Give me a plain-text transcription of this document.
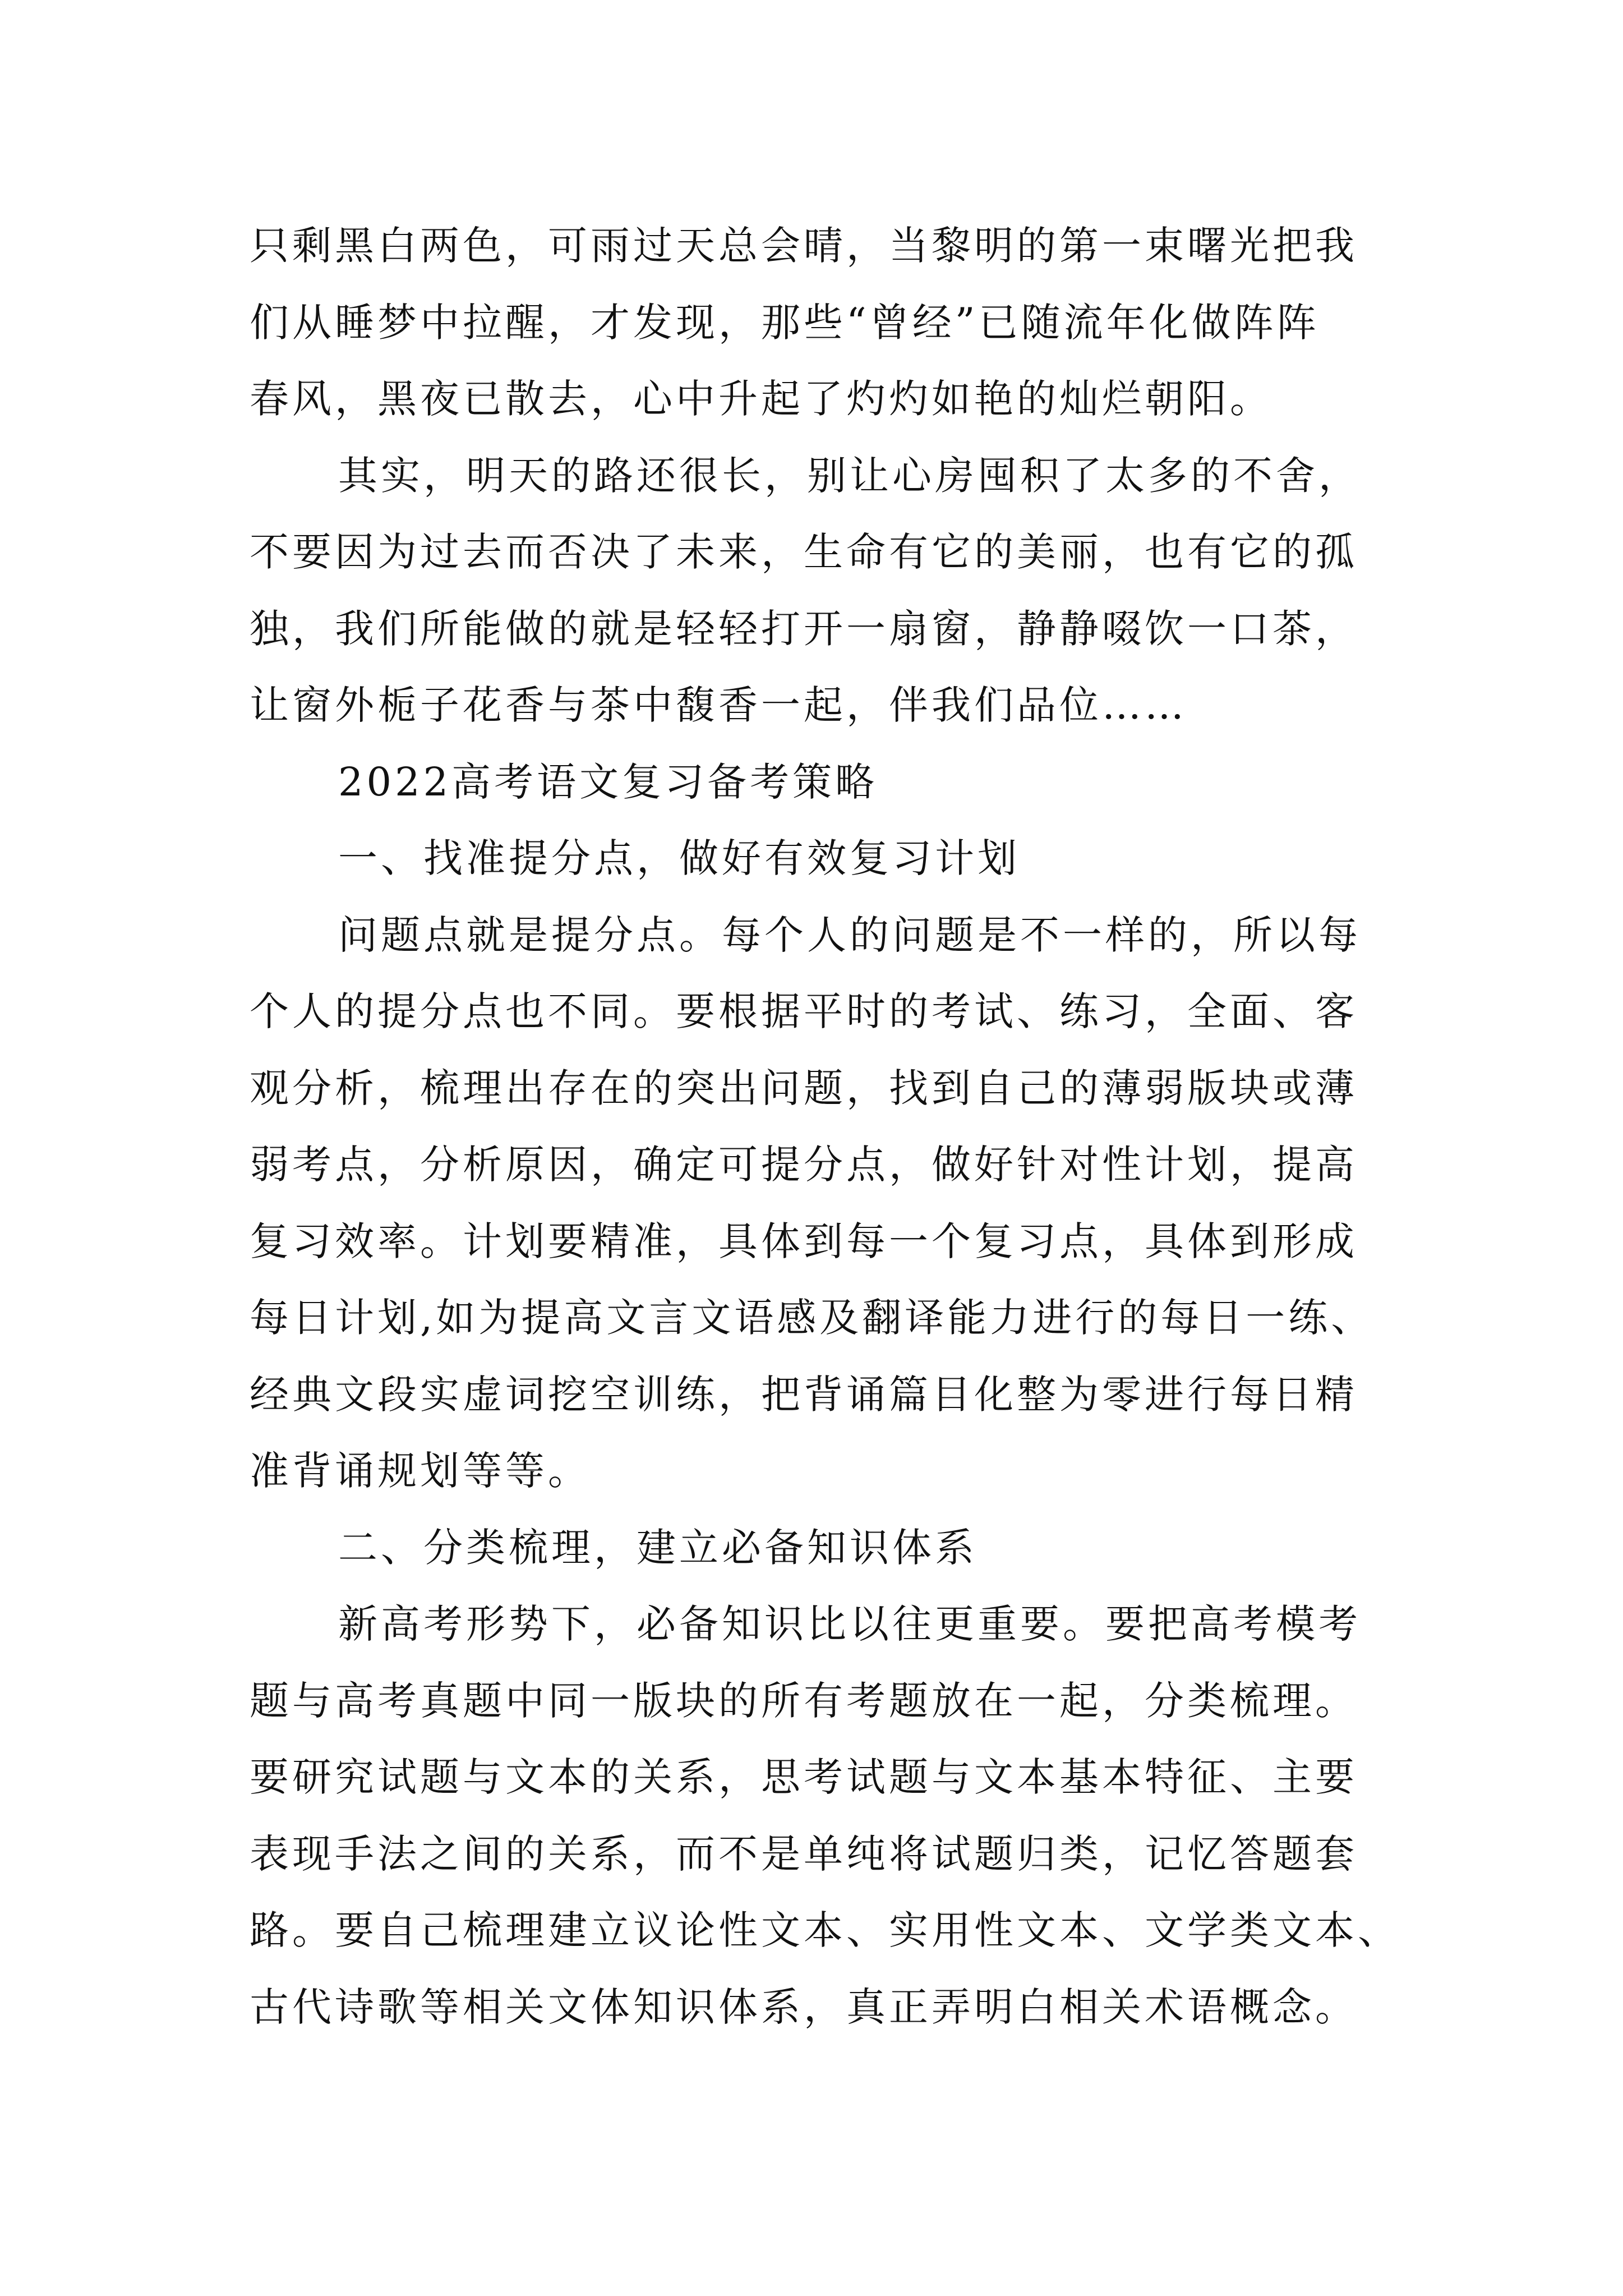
只剩黑白两色，可雨过天总会晴，当黎明的第一束曙光把我
们从睡梦中拉醒，才发现，那些“曾经”已随流年化做阵阵
春风，黑夜已散去，心中升起了灼灼如艳的灿烂朝阳。
其实，明天的路还很长，别让心房囤积了太多的不舍，
不要因为过去而否决了未来，生命有它的美丽，也有它的孤
独，我们所能做的就是轻轻打开一扇窗，静静啜饮一口茶，
让窗外栀子花香与茶中馥香一起，伴我们品位……
2022高考语文复习备考策略
一、找准提分点，做好有效复习计划
问题点就是提分点。每个人的问题是不一样的，所以每
个人的提分点也不同。要根据平时的考试、练习，全面、客
观分析，梳理出存在的突出问题，找到自己的薄弱版块或薄
弱考点，分析原因，确定可提分点，做好针对性计划，提高
复习效率。计划要精准，具体到每一个复习点，具体到形成
每日计划,如为提高文言文语感及翻译能力进行的每日一练、
经典文段实虚词挖空训练，把背诵篇目化整为零进行每日精
准背诵规划等等。
二、分类梳理，建立必备知识体系
新高考形势下，必备知识比以往更重要。要把高考模考
题与高考真题中同一版块的所有考题放在一起，分类梳理。
要研究试题与文本的关系，思考试题与文本基本特征、主要
表现手法之间的关系，而不是单纯将试题归类，记忆答题套
路。要自己梳理建立议论性文本、实用性文本、文学类文本、
古代诗歌等相关文体知识体系，真正弄明白相关术语概念。
